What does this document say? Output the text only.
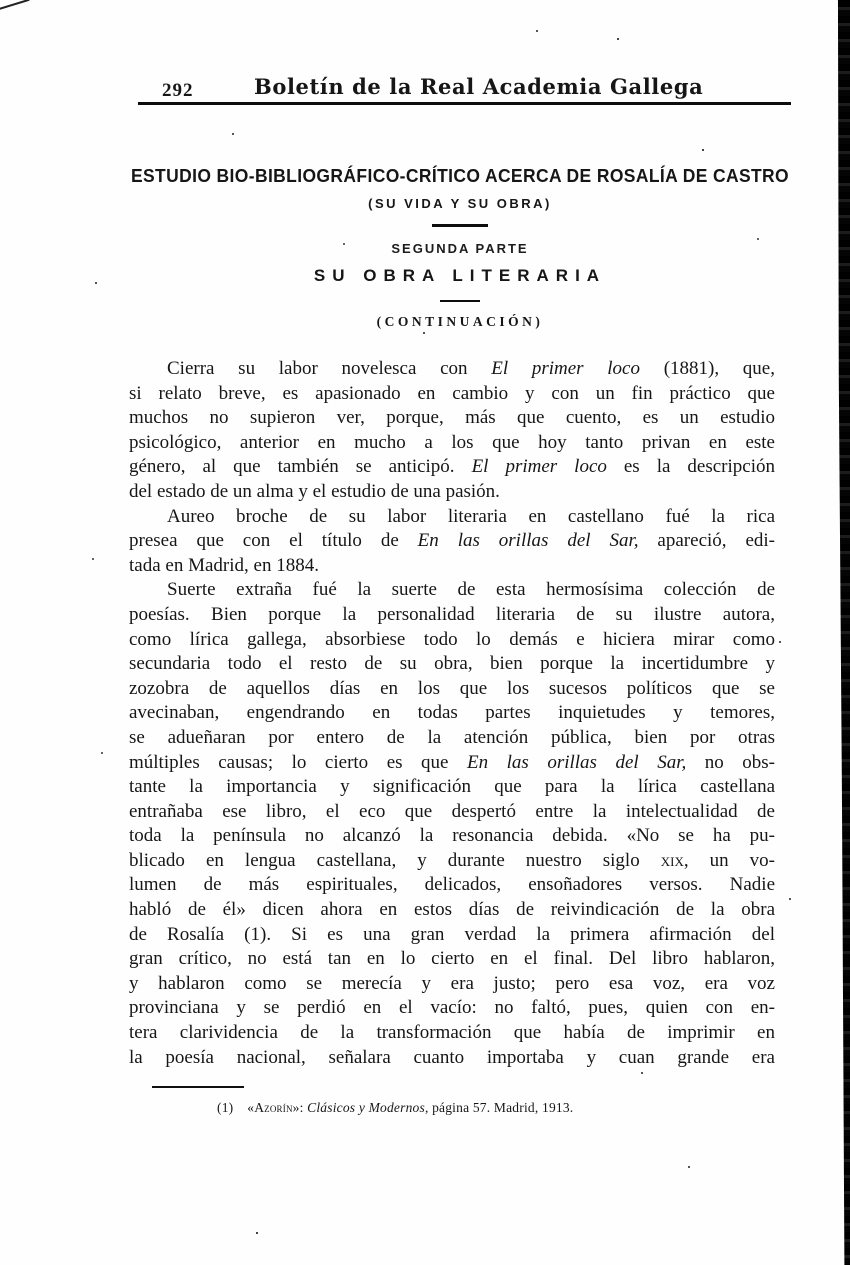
292	Boletín de la Real Academia Gallega
ESTUDIO BIO-BIBLIOGRÁFICO-CRÍTICO ACERCA DE ROSALÍA DE CASTRO
(SU VIDA Y SU OBRA)
SEGUNDA PARTE
SU OBRA LITERARIA
(CONTINUACIÓN)
Cierra su labor novelesca con El primer loco (1881), que,
si relato breve, es apasionado en cambio y con un fin práctico que
muchos no supieron ver, porque, más que cuento, es un estudio
psicológico, anterior en mucho a los que hoy tanto privan en este
género, al que también se anticipó. El primer loco es la descripción
del estado de un alma y el estudio de una pasión.
Aureo broche de su labor literaria en castellano fué la rica
presea que con el título de En las orillas del Sar, apareció, edi-
tada en Madrid, en 1884.
Suerte extraña fué la suerte de esta hermosísima colección de
poesías. Bien porque la personalidad literaria de su ilustre autora,
como lírica gallega, absorbiese todo lo demás e hiciera mirar como
secundaria todo el resto de su obra, bien porque la incertidumbre y
zozobra de aquellos días en los que los sucesos políticos que se
avecinaban, engendrando en todas partes inquietudes y temores,
se adueñaran por entero de la atención pública, bien por otras
múltiples causas; lo cierto es que En las orillas del Sar, no obs-
tante la importancia y significación que para la lírica castellana
entrañaba ese libro, el eco que despertó entre la intelectualidad de
toda la península no alcanzó la resonancia debida. «No se ha pu-
blicado en lengua castellana, y durante nuestro siglo xix, un vo-
lumen de más espirituales, delicados, ensoñadores versos. Nadie
habló de él» dicen ahora en estos días de reivindicación de la obra
de Rosalía (1). Si es una gran verdad la primera afirmación del
gran crítico, no está tan en lo cierto en el final. Del libro hablaron,
y hablaron como se merecía y era justo; pero esa voz, era voz
provinciana y se perdió en el vacío: no faltó, pues, quien con en-
tera clarividencia de la transformación que había de imprimir en
la poesía nacional, señalara cuanto importaba y cuan grande era
(1)  «Azorín»: Clásicos y Modernos, página 57. Madrid, 1913.
